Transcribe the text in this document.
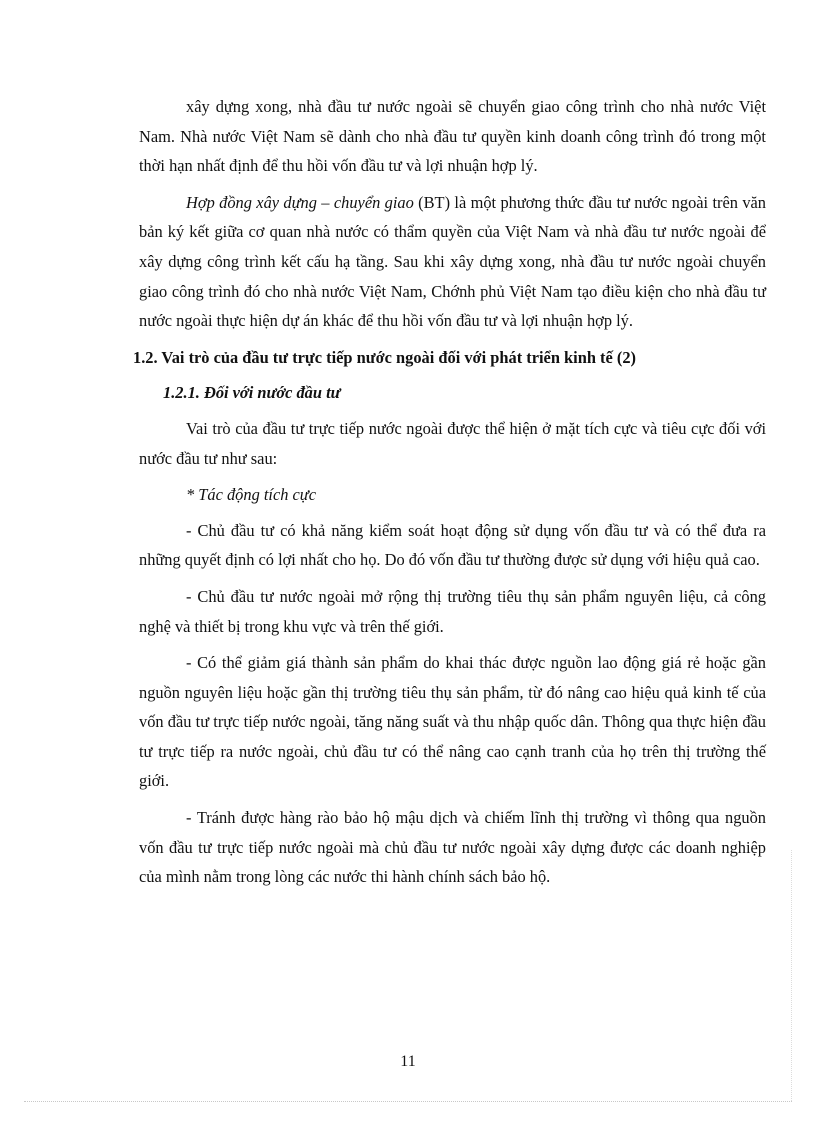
xây dựng xong, nhà đầu tư nước ngoài sẽ chuyển giao công trình cho nhà nước Việt Nam. Nhà nước Việt Nam sẽ dành cho nhà đầu tư quyền kinh doanh công trình đó trong một thời hạn nhất định để thu hồi vốn đầu tư và lợi nhuận hợp lý.

Hợp đồng xây dựng – chuyển giao (BT) là một phương thức đầu tư nước ngoài trên văn bản ký kết giữa cơ quan nhà nước có thẩm quyền của Việt Nam và nhà đầu tư nước ngoài để xây dựng công trình kết cấu hạ tầng. Sau khi xây dựng xong, nhà đầu tư nước ngoài chuyển giao công trình đó cho nhà nước Việt Nam, Chớnh phủ Việt Nam tạo điều kiện cho nhà đầu tư nước ngoài thực hiện dự án khác để thu hồi vốn đầu tư và lợi nhuận hợp lý.

1.2. Vai trò của đầu tư trực tiếp nước ngoài đối với phát triển kinh tế (2)
1.2.1. Đối với nước đầu tư

Vai trò của đầu tư trực tiếp nước ngoài được thể hiện ở mặt tích cực và tiêu cực đối với nước đầu tư như sau:

* Tác động tích cực

- Chủ đầu tư có khả năng kiểm soát hoạt động sử dụng vốn đầu tư và có thể đưa ra những quyết định có lợi nhất cho họ. Do đó vốn đầu tư thường được sử dụng với hiệu quả cao.

- Chủ đầu tư nước ngoài mở rộng thị trường tiêu thụ sản phẩm nguyên liệu, cả công nghệ và thiết bị trong khu vực và trên thế giới.

- Có thể giảm giá thành sản phẩm do khai thác được nguồn lao động giá rẻ hoặc gần nguồn nguyên liệu hoặc gần thị trường tiêu thụ sản phẩm, từ đó nâng cao hiệu quả kinh tế của vốn đầu tư trực tiếp nước ngoài, tăng năng suất và thu nhập quốc dân. Thông qua thực hiện đầu tư trực tiếp ra nước ngoài, chủ đầu tư có thể nâng cao cạnh tranh của họ trên thị trường thế giới.

- Tránh được hàng rào bảo hộ mậu dịch và chiếm lĩnh thị trường vì thông qua nguồn vốn đầu tư trực tiếp nước ngoài mà chủ đầu tư nước ngoài xây dựng được các doanh nghiệp của mình nằm trong lòng các nước thi hành chính sách bảo hộ.

11
